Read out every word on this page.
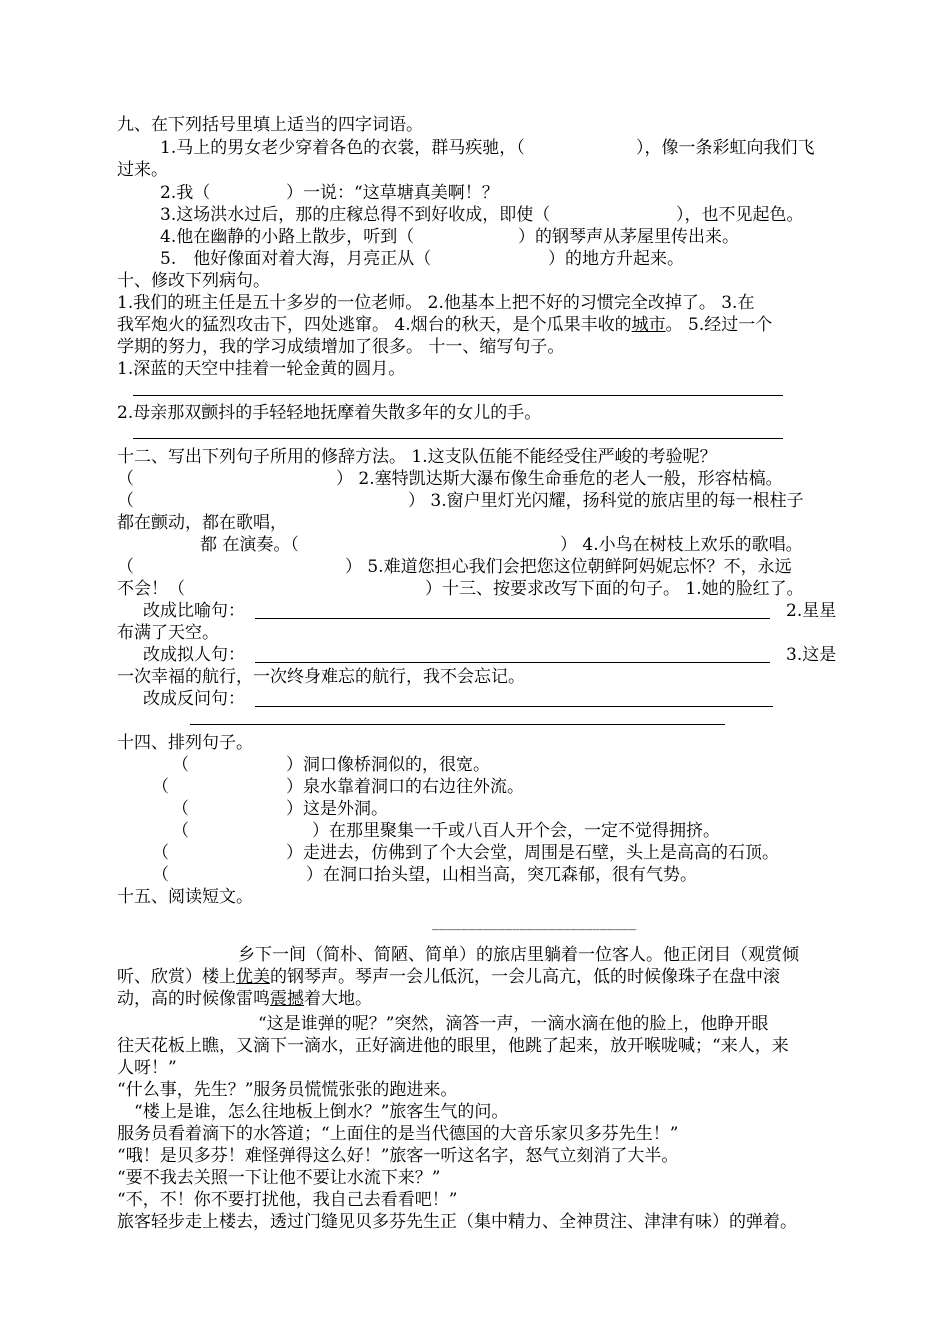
九、在下列括号里填上适当的四字词语。
1.马上的男女老少穿着各色的衣裳，群马疾驰，（	），像一条彩虹向我们飞
过来。
2.我（	）一说：“这草塘真美啊！？
3.这场洪水过后，那的庄稼总得不到好收成，即使（	），也不见起色。
4.他在幽静的小路上散步，听到（	）的钢琴声从茅屋里传出来。
5.　他好像面对着大海，月亮正从（	）的地方升起来。
十、修改下列病句。
1.我们的班主任是五十多岁的一位老师。 2.他基本上把不好的习惯完全改掉了。 3.在
我军炮火的猛烈攻击下，四处逃窜。 4.烟台的秋天，是个瓜果丰收的城市。 5.经过一个
学期的努力，我的学习成绩增加了很多。 十一、缩写句子。
1.深蓝的天空中挂着一轮金黄的圆月。
2.母亲那双颤抖的手轻轻地抚摩着失散多年的女儿的手。
十二、写出下列句子所用的修辞方法。 1.这支队伍能不能经受住严峻的考验呢？
（	） 2.塞特凯达斯大瀑布像生命垂危的老人一般，形容枯槁。
（	） 3.窗户里灯光闪耀，扬科觉的旅店里的每一根柱子
都在颤动，都在歌唱，
都 在演奏。（	） 4.小鸟在树枝上欢乐的歌唱。
（	） 5.难道您担心我们会把您这位朝鲜阿妈妮忘怀？不，永远
不会！（	）十三、按要求改写下面的句子。 1.她的脸红了。
改成比喻句：	2.星星
布满了天空。
改成拟人句：	3.这是
一次幸福的航行，一次终身难忘的航行，我不会忘记。
改成反问句：
十四、排列句子。
（	）洞口像桥洞似的，很宽。
（	）泉水靠着洞口的右边往外流。
（	）这是外洞。
（	）在那里聚集一千或八百人开个会，一定不觉得拥挤。
（	）走进去，仿佛到了个大会堂，周围是石壁，头上是高高的石顶。
（	）在洞口抬头望，山相当高，突兀森郁，很有气势。
十五、阅读短文。
____________________________
乡下一间（简朴、简陋、简单）的旅店里躺着一位客人。他正闭目（观赏倾
听、欣赏）楼上优美的钢琴声。琴声一会儿低沉，一会儿高亢，低的时候像珠子在盘中滚
动，高的时候像雷鸣震撼着大地。
“这是谁弹的呢？”突然，滴答一声，一滴水滴在他的脸上，他睁开眼
往天花板上瞧，又滴下一滴水，正好滴进他的眼里，他跳了起来，放开喉咙喊；“来人，来
人呀！”
“什么事，先生？”服务员慌慌张张的跑进来。
“楼上是谁，怎么往地板上倒水？”旅客生气的问。
服务员看着滴下的水答道；“上面住的是当代德国的大音乐家贝多芬先生！”
“哦！是贝多芬！难怪弹得这么好！”旅客一听这名字，怒气立刻消了大半。
“要不我去关照一下让他不要让水流下来？”
“不，不！你不要打扰他，我自己去看看吧！”
旅客轻步走上楼去，透过门缝见贝多芬先生正（集中精力、全神贯注、津津有味）的弹着。
